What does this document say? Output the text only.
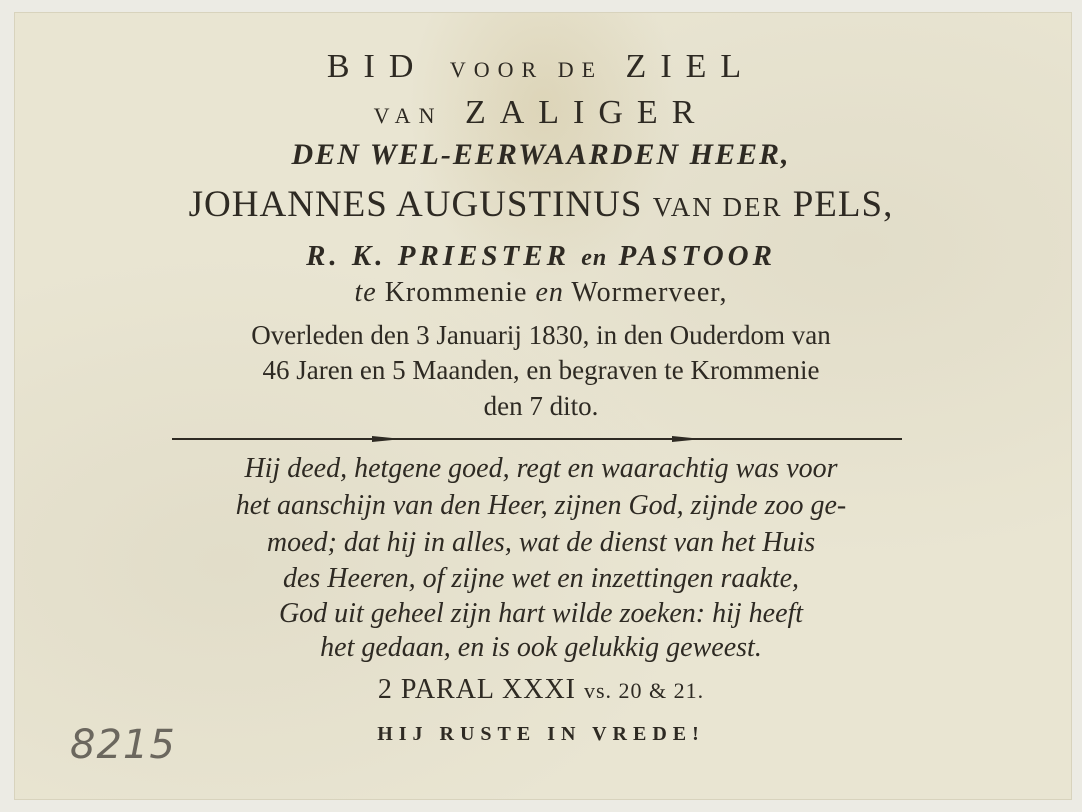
BID VOOR DE ZIEL
VAN ZALIGER
DEN WEL-EERWAARDEN HEER,
JOHANNES AUGUSTINUS VAN DER PELS,
R. K. PRIESTER en PASTOOR
te Krommenie en Wormerveer,
Overleden den 3 Januarij 1830, in den Ouderdom van
46 Jaren en 5 Maanden, en begraven te Krommenie
den 7 dito.
Hij deed, hetgene goed, regt en waarachtig was voor
het aanschijn van den Heer, zijnen God, zijnde zoo ge-
moed; dat hij in alles, wat de dienst van het Huis
des Heeren, of zijne wet en inzettingen raakte,
God uit geheel zijn hart wilde zoeken: hij heeft
het gedaan, en is ook gelukkig geweest.
2 PARAL XXXI vs. 20 & 21.
HIJ RUSTE IN VREDE!
8215
